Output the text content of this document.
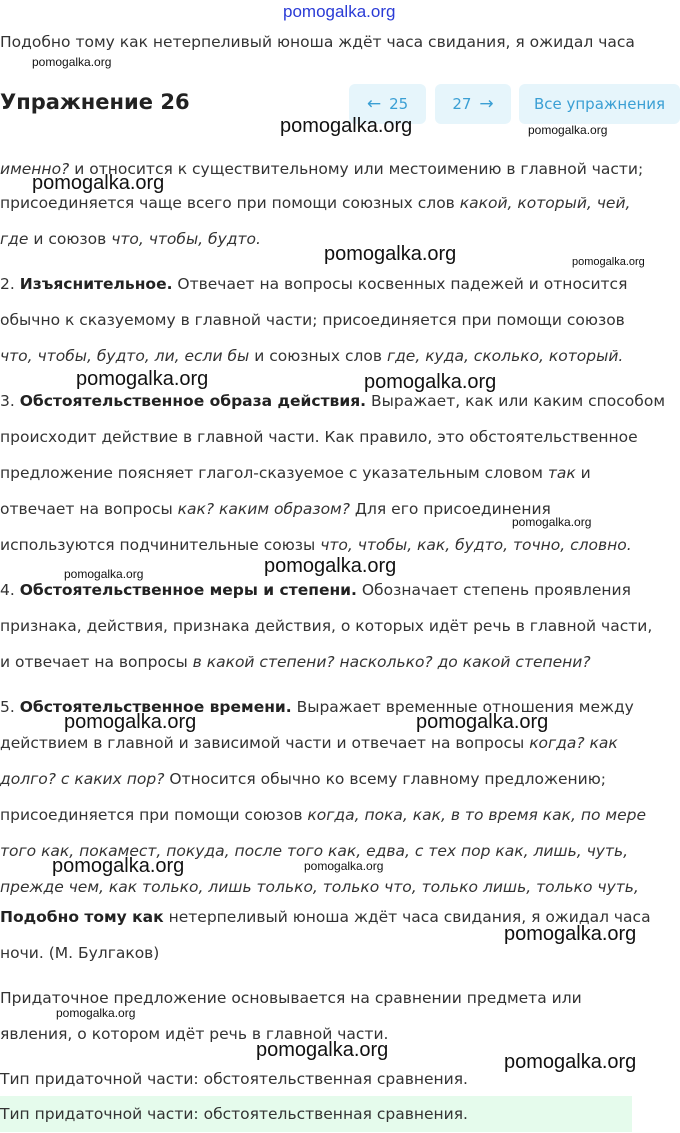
pomogalka.org
Подобно тому как нетерпеливый юноша ждёт часа свидания, я ожидал часа
Упражнение 26	← 25	27 →	Все упражнения
именно? и относится к существительному или местоимению в главной части;
присоединяется чаще всего при помощи союзных слов какой, который, чей,
где и союзов что, чтобы, будто.
2. Изъяснительное. Отвечает на вопросы косвенных падежей и относится
обычно к сказуемому в главной части; присоединяется при помощи союзов
что, чтобы, будто, ли, если бы и союзных слов где, куда, сколько, который.
3. Обстоятельственное образа действия. Выражает, как или каким способом
происходит действие в главной части. Как правило, это обстоятельственное
предложение поясняет глагол-сказуемое с указательным словом так и
отвечает на вопросы как? каким образом? Для его присоединения
используются подчинительные союзы что, чтобы, как, будто, точно, словно.
4. Обстоятельственное меры и степени. Обозначает степень проявления
признака, действия, признака действия, о которых идёт речь в главной части,
и отвечает на вопросы в какой степени? насколько? до какой степени?
5. Обстоятельственное времени. Выражает временные отношения между
действием в главной и зависимой части и отвечает на вопросы когда? как
долго? с каких пор? Относится обычно ко всему главному предложению;
присоединяется при помощи союзов когда, пока, как, в то время как, по мере
того как, покамест, покуда, после того как, едва, с тех пор как, лишь, чуть,
прежде чем, как только, лишь только, только что, только лишь, только чуть,
Подобно тому как нетерпеливый юноша ждёт часа свидания, я ожидал часа
ночи. (М. Булгаков)
Придаточное предложение основывается на сравнении предмета или
явления, о котором идёт речь в главной части.
Тип придаточной части: обстоятельственная сравнения.
Тип придаточной части: обстоятельственная сравнения.
pomogalka.org
pomogalka.org	pomogalka.org
pomogalka.org
pomogalka.org	pomogalka.org
pomogalka.org	pomogalka.org
pomogalka.org
pomogalka.org
pomogalka.org
pomogalka.org	pomogalka.org
pomogalka.org	pomogalka.org
pomogalka.org
pomogalka.org
pomogalka.org
pomogalka.org
